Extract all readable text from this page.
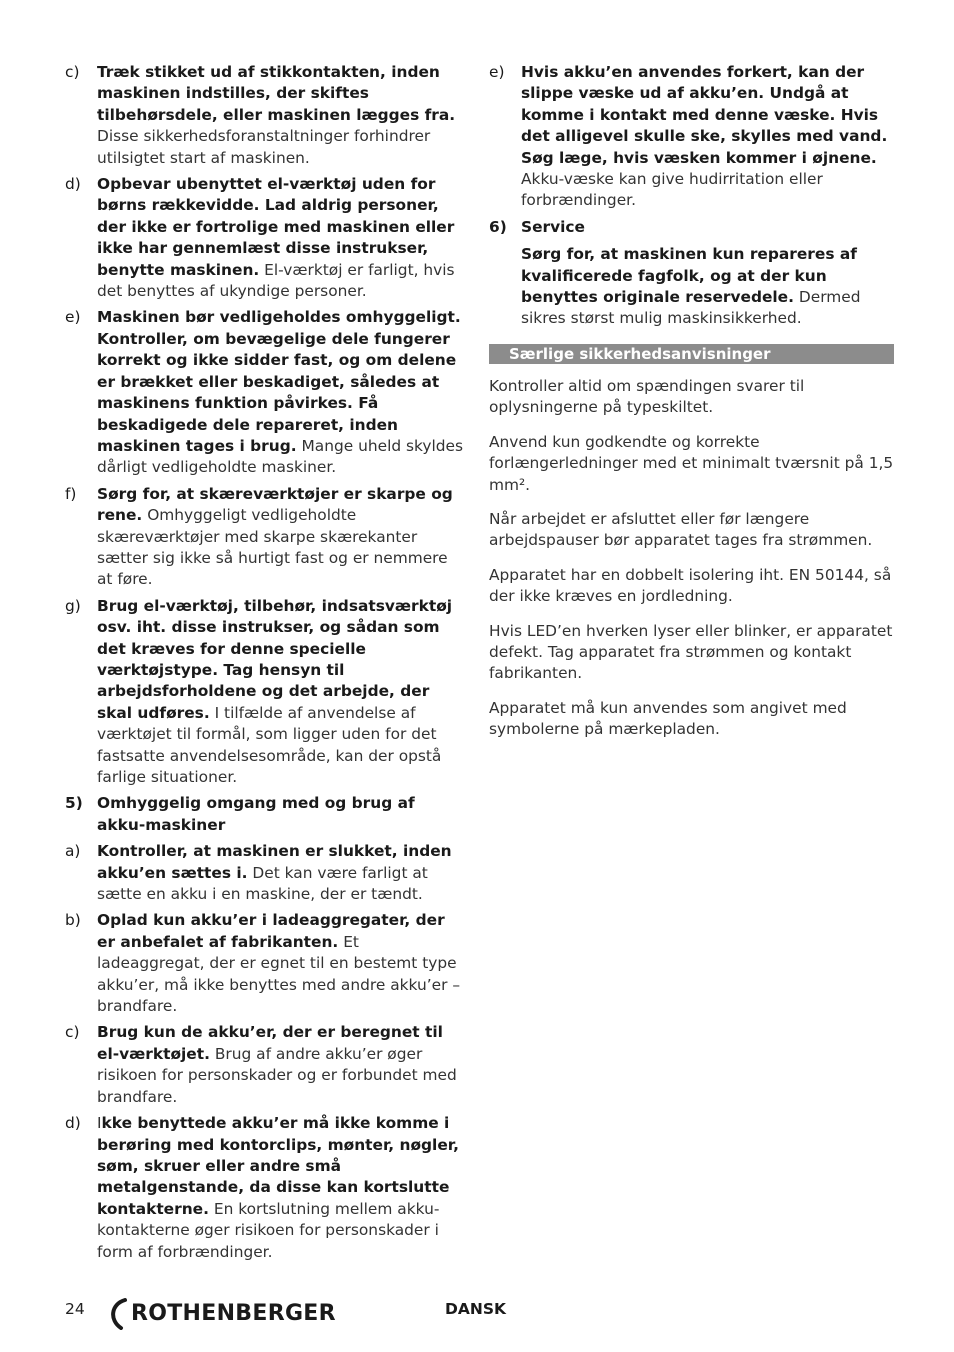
c)	Træk stikket ud af stikkontakten, inden maskinen indstilles, der skiftes tilbehørsdele, eller maskinen lægges fra. Disse sikkerhedsforanstaltninger forhindrer utilsigtet start af maskinen.
d)	Opbevar ubenyttet el-værktøj uden for børns rækkevidde. Lad aldrig personer, der ikke er fortrolige med maskinen eller ikke har gennemlæst disse instrukser, benytte maskinen. El-værktøj er farligt, hvis det benyttes af ukyndige personer.
e)	Maskinen bør vedligeholdes omhyggeligt. Kontroller, om bevægelige dele fungerer korrekt og ikke sidder fast, og om delene er brækket eller beskadiget, således at maskinens funktion påvirkes. Få beskadigede dele repareret, inden maskinen tages i brug. Mange uheld skyldes dårligt vedligeholdte maskiner.
f)	Sørg for, at skæreværktøjer er skarpe og rene. Omhyggeligt vedligeholdte skæreværktøjer med skarpe skærekanter sætter sig ikke så hurtigt fast og er nemmere at føre.
g)	Brug el-værktøj, tilbehør, indsatsværktøj osv. iht. disse instrukser, og sådan som det kræves for denne specielle værktøjstype. Tag hensyn til arbejdsforholdene og det arbejde, der skal udføres. I tilfælde af anvendelse af værktøjet til formål, som ligger uden for det fastsatte anvendelsesområde, kan der opstå farlige situationer.
5) Omhyggelig omgang med og brug af akku-maskiner
a)	Kontroller, at maskinen er slukket, inden akku’en sættes i. Det kan være farligt at sætte en akku i en maskine, der er tændt.
b)	Oplad kun akku’er i ladeaggregater, der er anbefalet af fabrikanten. Et ladeaggregat, der er egnet til en bestemt type akku’er, må ikke benyttes med andre akku’er – brandfare.
c)	Brug kun de akku’er, der er beregnet til el-værktøjet. Brug af andre akku’er øger risikoen for personskader og er forbundet med brandfare.
d)	Ikke benyttede akku’er må ikke komme i berøring med kontorclips, mønter, nøgler, søm, skruer eller andre små metalgenstande, da disse kan kortslutte kontakterne. En kortslutning mellem akku-kontakterne øger risikoen for personskader i form af forbrændinger.
e)	Hvis akku’en anvendes forkert, kan der slippe væske ud af akku’en. Undgå at komme i kontakt med denne væske. Hvis det alligevel skulle ske, skylles med vand. Søg læge, hvis væsken kommer i øjnene. Akku-væske kan give hudirritation eller forbrændinger.
6) Service
Sørg for, at maskinen kun repareres af kvalificerede fagfolk, og at der kun benyttes originale reservedele. Dermed sikres størst mulig maskinsikkerhed.
Særlige sikkerhedsanvisninger

Kontroller altid om spændingen svarer til oplysningerne på typeskiltet.

Anvend kun godkendte og korrekte forlængerledninger med et minimalt tværsnit på 1,5 mm².

Når arbejdet er afsluttet eller før længere arbejdspauser bør apparatet tages fra strømmen.

Apparatet har en dobbelt isolering iht. EN 50144, så der ikke kræves en jordledning.

Hvis LED’en hverken lyser eller blinker, er apparatet defekt. Tag apparatet fra strømmen og kontakt fabrikanten.

Apparatet må kun anvendes som angivet med symbolerne på mærkepladen.

24 ROTHENBERGER	DANSK
